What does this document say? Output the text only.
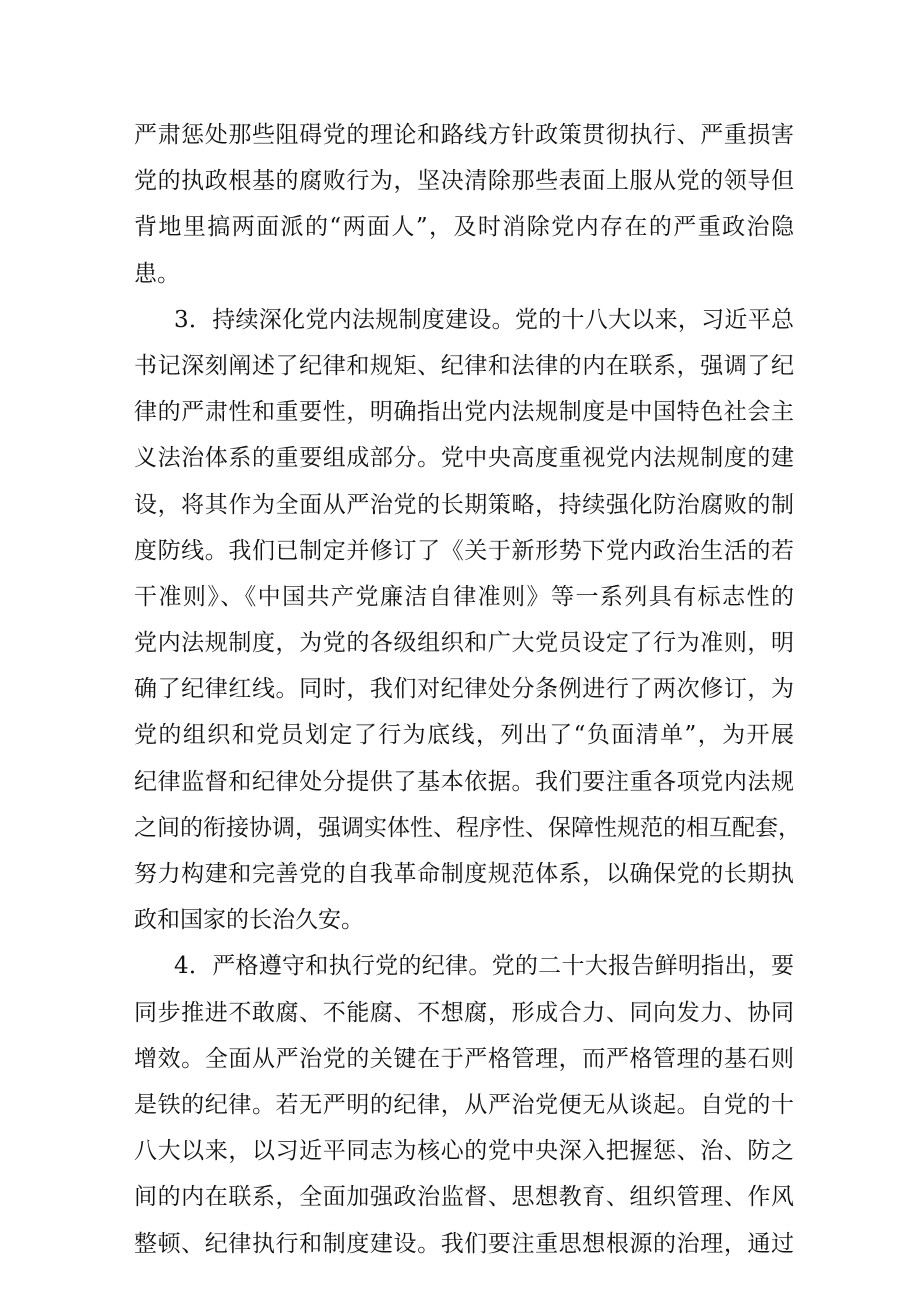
严肃惩处那些阻碍党的理论和路线方针政策贯彻执行、严重损害
党的执政根基的腐败行为，坚决清除那些表面上服从党的领导但
背地里搞两面派的“两面人”，及时消除党内存在的严重政治隐
患。
3．持续深化党内法规制度建设。党的十八大以来，习近平总
书记深刻阐述了纪律和规矩、纪律和法律的内在联系，强调了纪
律的严肃性和重要性，明确指出党内法规制度是中国特色社会主
义法治体系的重要组成部分。党中央高度重视党内法规制度的建
设，将其作为全面从严治党的长期策略，持续强化防治腐败的制
度防线。我们已制定并修订了《关于新形势下党内政治生活的若
干准则》、《中国共产党廉洁自律准则》等一系列具有标志性的
党内法规制度，为党的各级组织和广大党员设定了行为准则，明
确了纪律红线。同时，我们对纪律处分条例进行了两次修订，为
党的组织和党员划定了行为底线，列出了“负面清单”，为开展
纪律监督和纪律处分提供了基本依据。我们要注重各项党内法规
之间的衔接协调，强调实体性、程序性、保障性规范的相互配套，
努力构建和完善党的自我革命制度规范体系，以确保党的长期执
政和国家的长治久安。
4．严格遵守和执行党的纪律。党的二十大报告鲜明指出，要
同步推进不敢腐、不能腐、不想腐，形成合力、同向发力、协同
增效。全面从严治党的关键在于严格管理，而严格管理的基石则
是铁的纪律。若无严明的纪律，从严治党便无从谈起。自党的十
八大以来，以习近平同志为核心的党中央深入把握惩、治、防之
间的内在联系，全面加强政治监督、思想教育、组织管理、作风
整顿、纪律执行和制度建设。我们要注重思想根源的治理，通过
